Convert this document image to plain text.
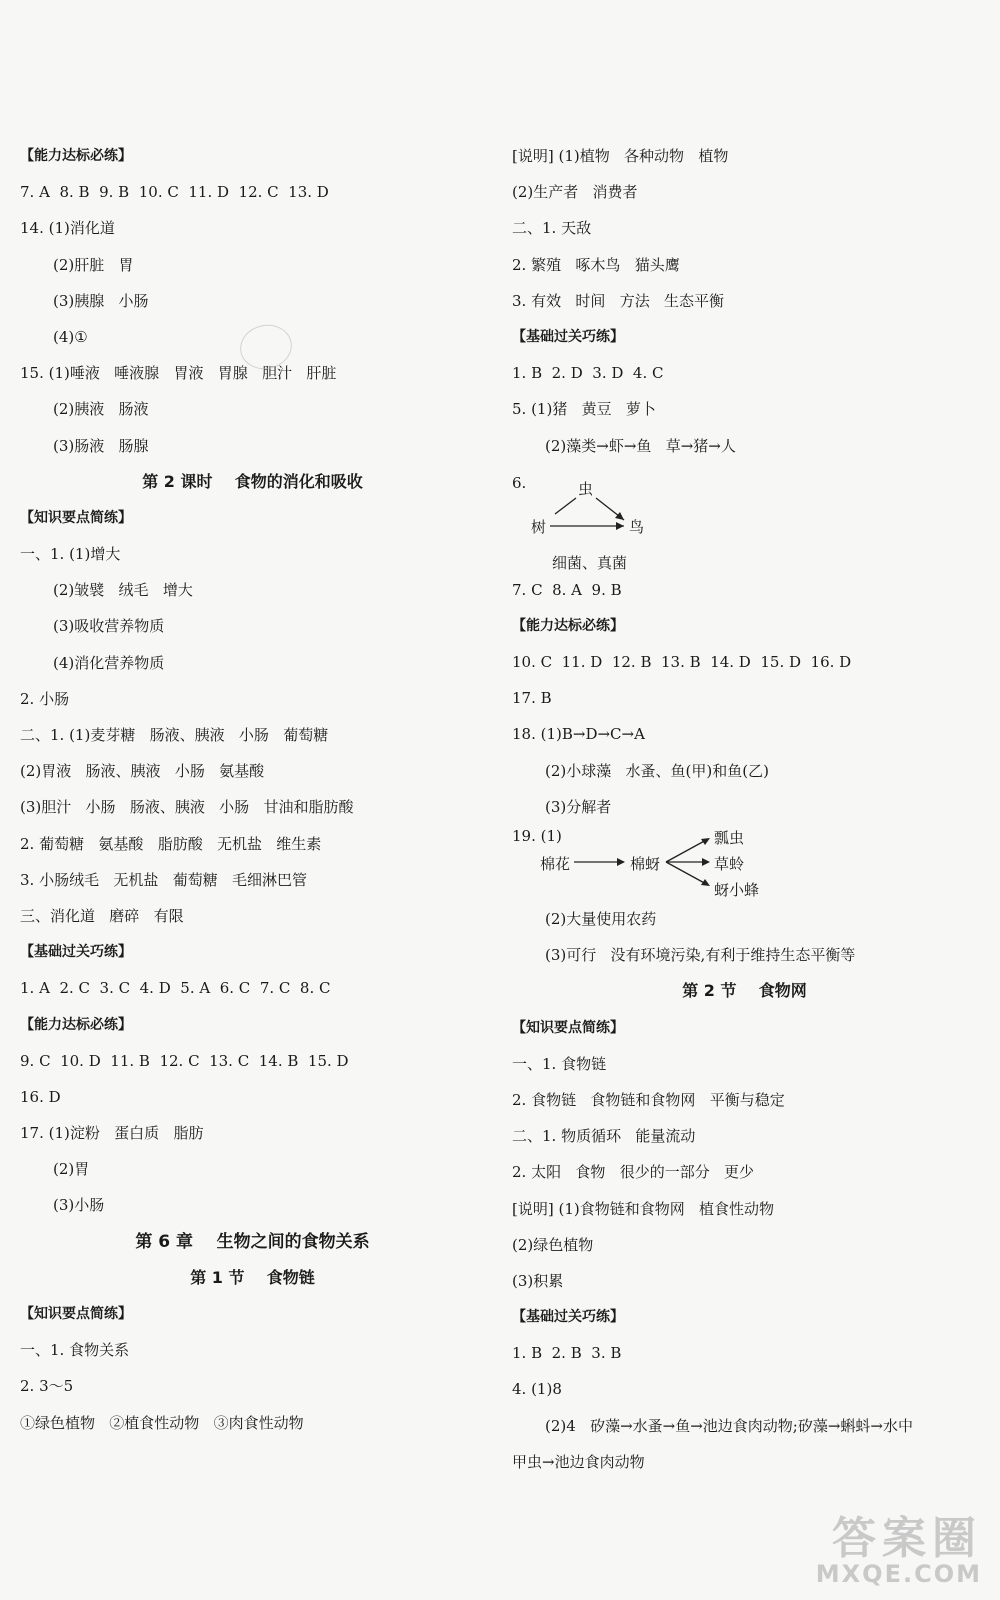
【能力达标必练】
7. A  8. B  9. B  10. C  11. D  12. C  13. D
14. (1)消化道
(2)肝脏   胃
(3)胰腺   小肠
(4)①
15. (1)唾液   唾液腺   胃液   胃腺   胆汁   肝脏
(2)胰液   肠液
(3)肠液   肠腺
第 2 课时    食物的消化和吸收
【知识要点简练】
一、1. (1)增大
(2)皱襞   绒毛   增大
(3)吸收营养物质
(4)消化营养物质
2. 小肠
二、1. (1)麦芽糖   肠液、胰液   小肠   葡萄糖
(2)胃液   肠液、胰液   小肠   氨基酸
(3)胆汁   小肠   肠液、胰液   小肠   甘油和脂肪酸
2. 葡萄糖   氨基酸   脂肪酸   无机盐   维生素
3. 小肠绒毛   无机盐   葡萄糖   毛细淋巴管
三、消化道   磨碎   有限
【基础过关巧练】
1. A  2. C  3. C  4. D  5. A  6. C  7. C  8. C
【能力达标必练】
9. C  10. D  11. B  12. C  13. C  14. B  15. D
16. D
17. (1)淀粉   蛋白质   脂肪
(2)胃
(3)小肠
第 6 章    生物之间的食物关系
第 1 节    食物链
【知识要点简练】
一、1. 食物关系
2. 3～5
①绿色植物   ②植食性动物   ③肉食性动物
[说明] (1)植物   各种动物   植物
(2)生产者   消费者
二、1. 天敌
2. 繁殖   啄木鸟   猫头鹰
3. 有效   时间   方法   生态平衡
【基础过关巧练】
1. B  2. D  3. D  4. C
5. (1)猪   黄豆   萝卜
(2)藻类→虾→鱼   草→猪→人
6.	虫
树	鸟
细菌、真菌
7. C  8. A  9. B
【能力达标必练】
10. C  11. D  12. B  13. B  14. D  15. D  16. D
17. B
18. (1)B→D→C→A
(2)小球藻   水蚤、鱼(甲)和鱼(乙)
(3)分解者
19. (1)
棉花	棉蚜
瓢虫
草蛉
蚜小蜂
(2)大量使用农药
(3)可行   没有环境污染,有利于维持生态平衡等
第 2 节    食物网
【知识要点简练】
一、1. 食物链
2. 食物链   食物链和食物网   平衡与稳定
二、1. 物质循环   能量流动
2. 太阳   食物   很少的一部分   更少
[说明] (1)食物链和食物网   植食性动物
(2)绿色植物
(3)积累
【基础过关巧练】
1. B  2. B  3. B
4. (1)8
(2)4   矽藻→水蚤→鱼→池边食肉动物;矽藻→蝌蚪→水中
甲虫→池边食肉动物
答案圈
MXQE.COM
